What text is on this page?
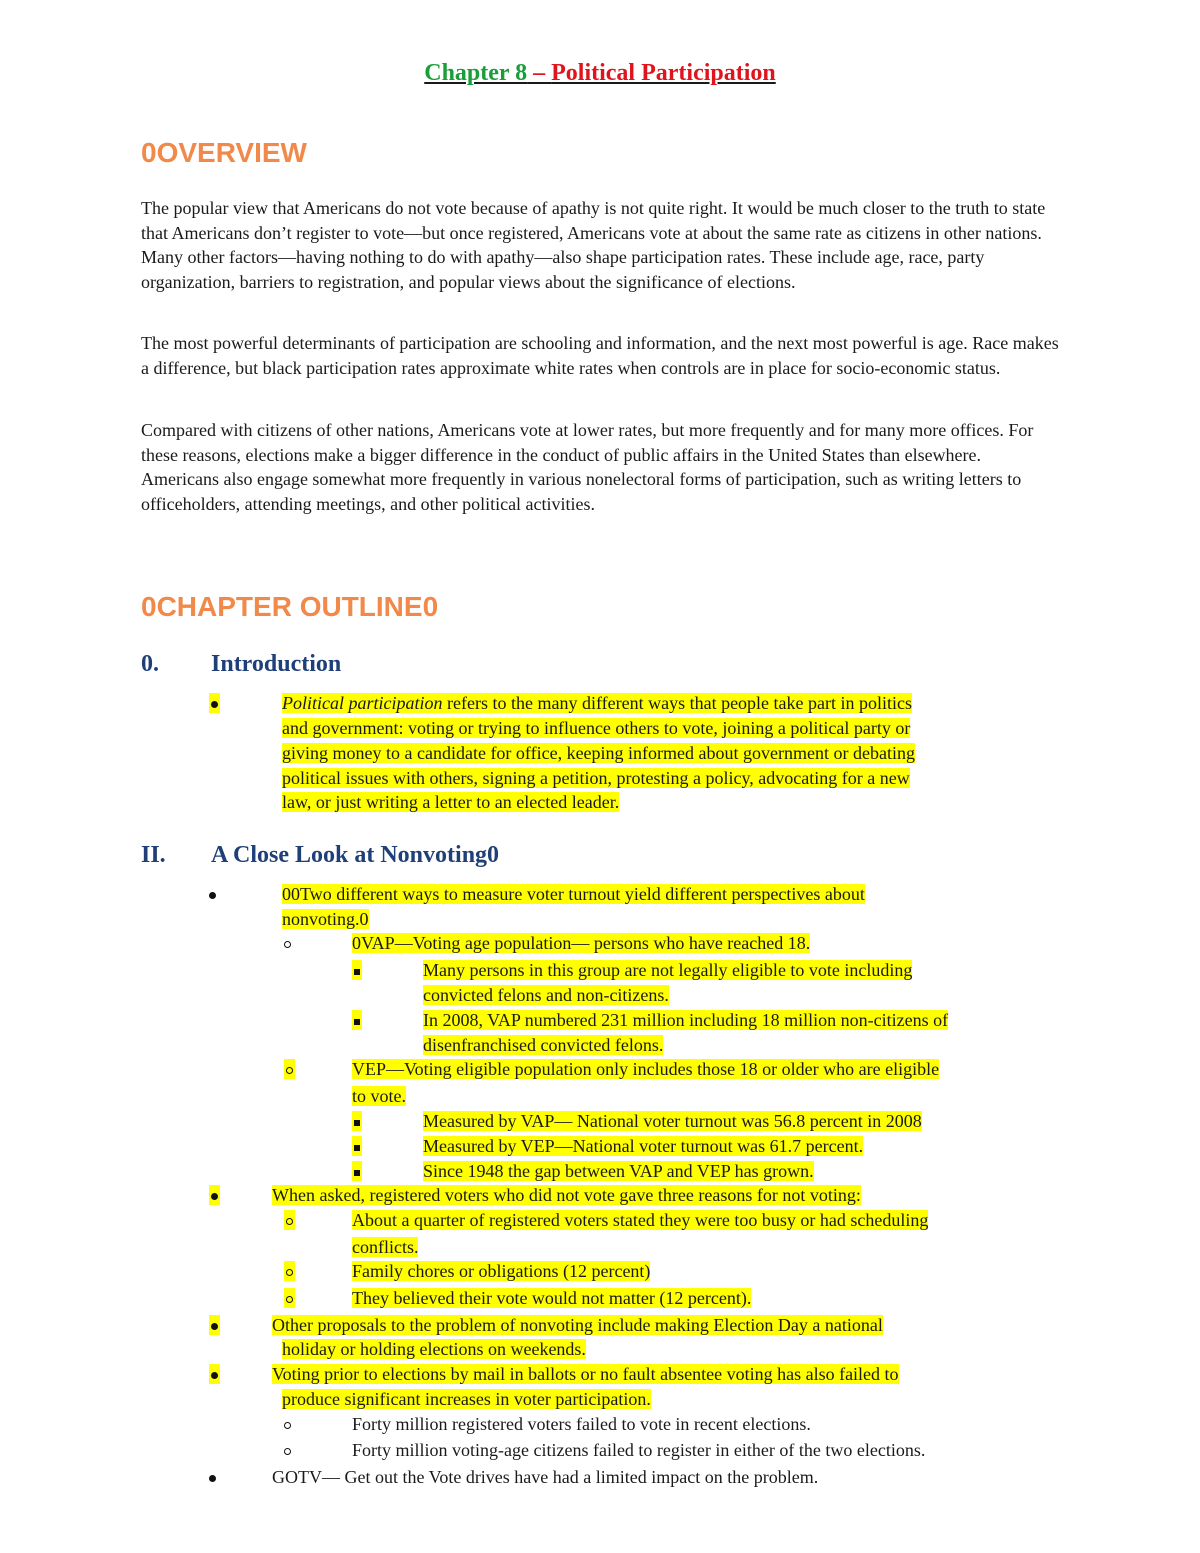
Chapter 8 – Political Participation
0OVERVIEW

The popular view that Americans do not vote because of apathy is not quite right. It would be much closer to the truth to state that Americans don’t register to vote—but once registered, Americans vote at about the same rate as citizens in other nations. Many other factors—having nothing to do with apathy—also shape participation rates. These include age, race, party organization, barriers to registration, and popular views about the significance of elections.

The most powerful determinants of participation are schooling and information, and the next most powerful is age. Race makes a difference, but black participation rates approximate white rates when controls are in place for socio-economic status.

Compared with citizens of other nations, Americans vote at lower rates, but more frequently and for many more offices. For these reasons, elections make a bigger difference in the conduct of public affairs in the United States than elsewhere. Americans also engage somewhat more frequently in various nonelectoral forms of participation, such as writing letters to officeholders, attending meetings, and other political activities.

0CHAPTER OUTLINE0
0. Introduction
Political participation refers to the many different ways that people take part in politics
and government: voting or trying to influence others to vote, joining a political party or
giving money to a candidate for office, keeping informed about government or debating
political issues with others, signing a petition, protesting a policy, advocating for a new
law, or just writing a letter to an elected leader.
II. A Close Look at Nonvoting0
00Two different ways to measure voter turnout yield different perspectives about
nonvoting.0
0VAP—Voting age population— persons who have reached 18.
Many persons in this group are not legally eligible to vote including
convicted felons and non-citizens.
In 2008, VAP numbered 231 million including 18 million non-citizens of
disenfranchised convicted felons.
VEP—Voting eligible population only includes those 18 or older who are eligible
to vote.
Measured by VAP— National voter turnout was 56.8 percent in 2008
Measured by VEP—National voter turnout was 61.7 percent.
Since 1948 the gap between VAP and VEP has grown.
When asked, registered voters who did not vote gave three reasons for not voting:
About a quarter of registered voters stated they were too busy or had scheduling
conflicts.
Family chores or obligations (12 percent)
They believed their vote would not matter (12 percent).
Other proposals to the problem of nonvoting include making Election Day a national
holiday or holding elections on weekends.
Voting prior to elections by mail in ballots or no fault absentee voting has also failed to
produce significant increases in voter participation.
Forty million registered voters failed to vote in recent elections.
Forty million voting-age citizens failed to register in either of the two elections.
GOTV— Get out the Vote drives have had a limited impact on the problem.
